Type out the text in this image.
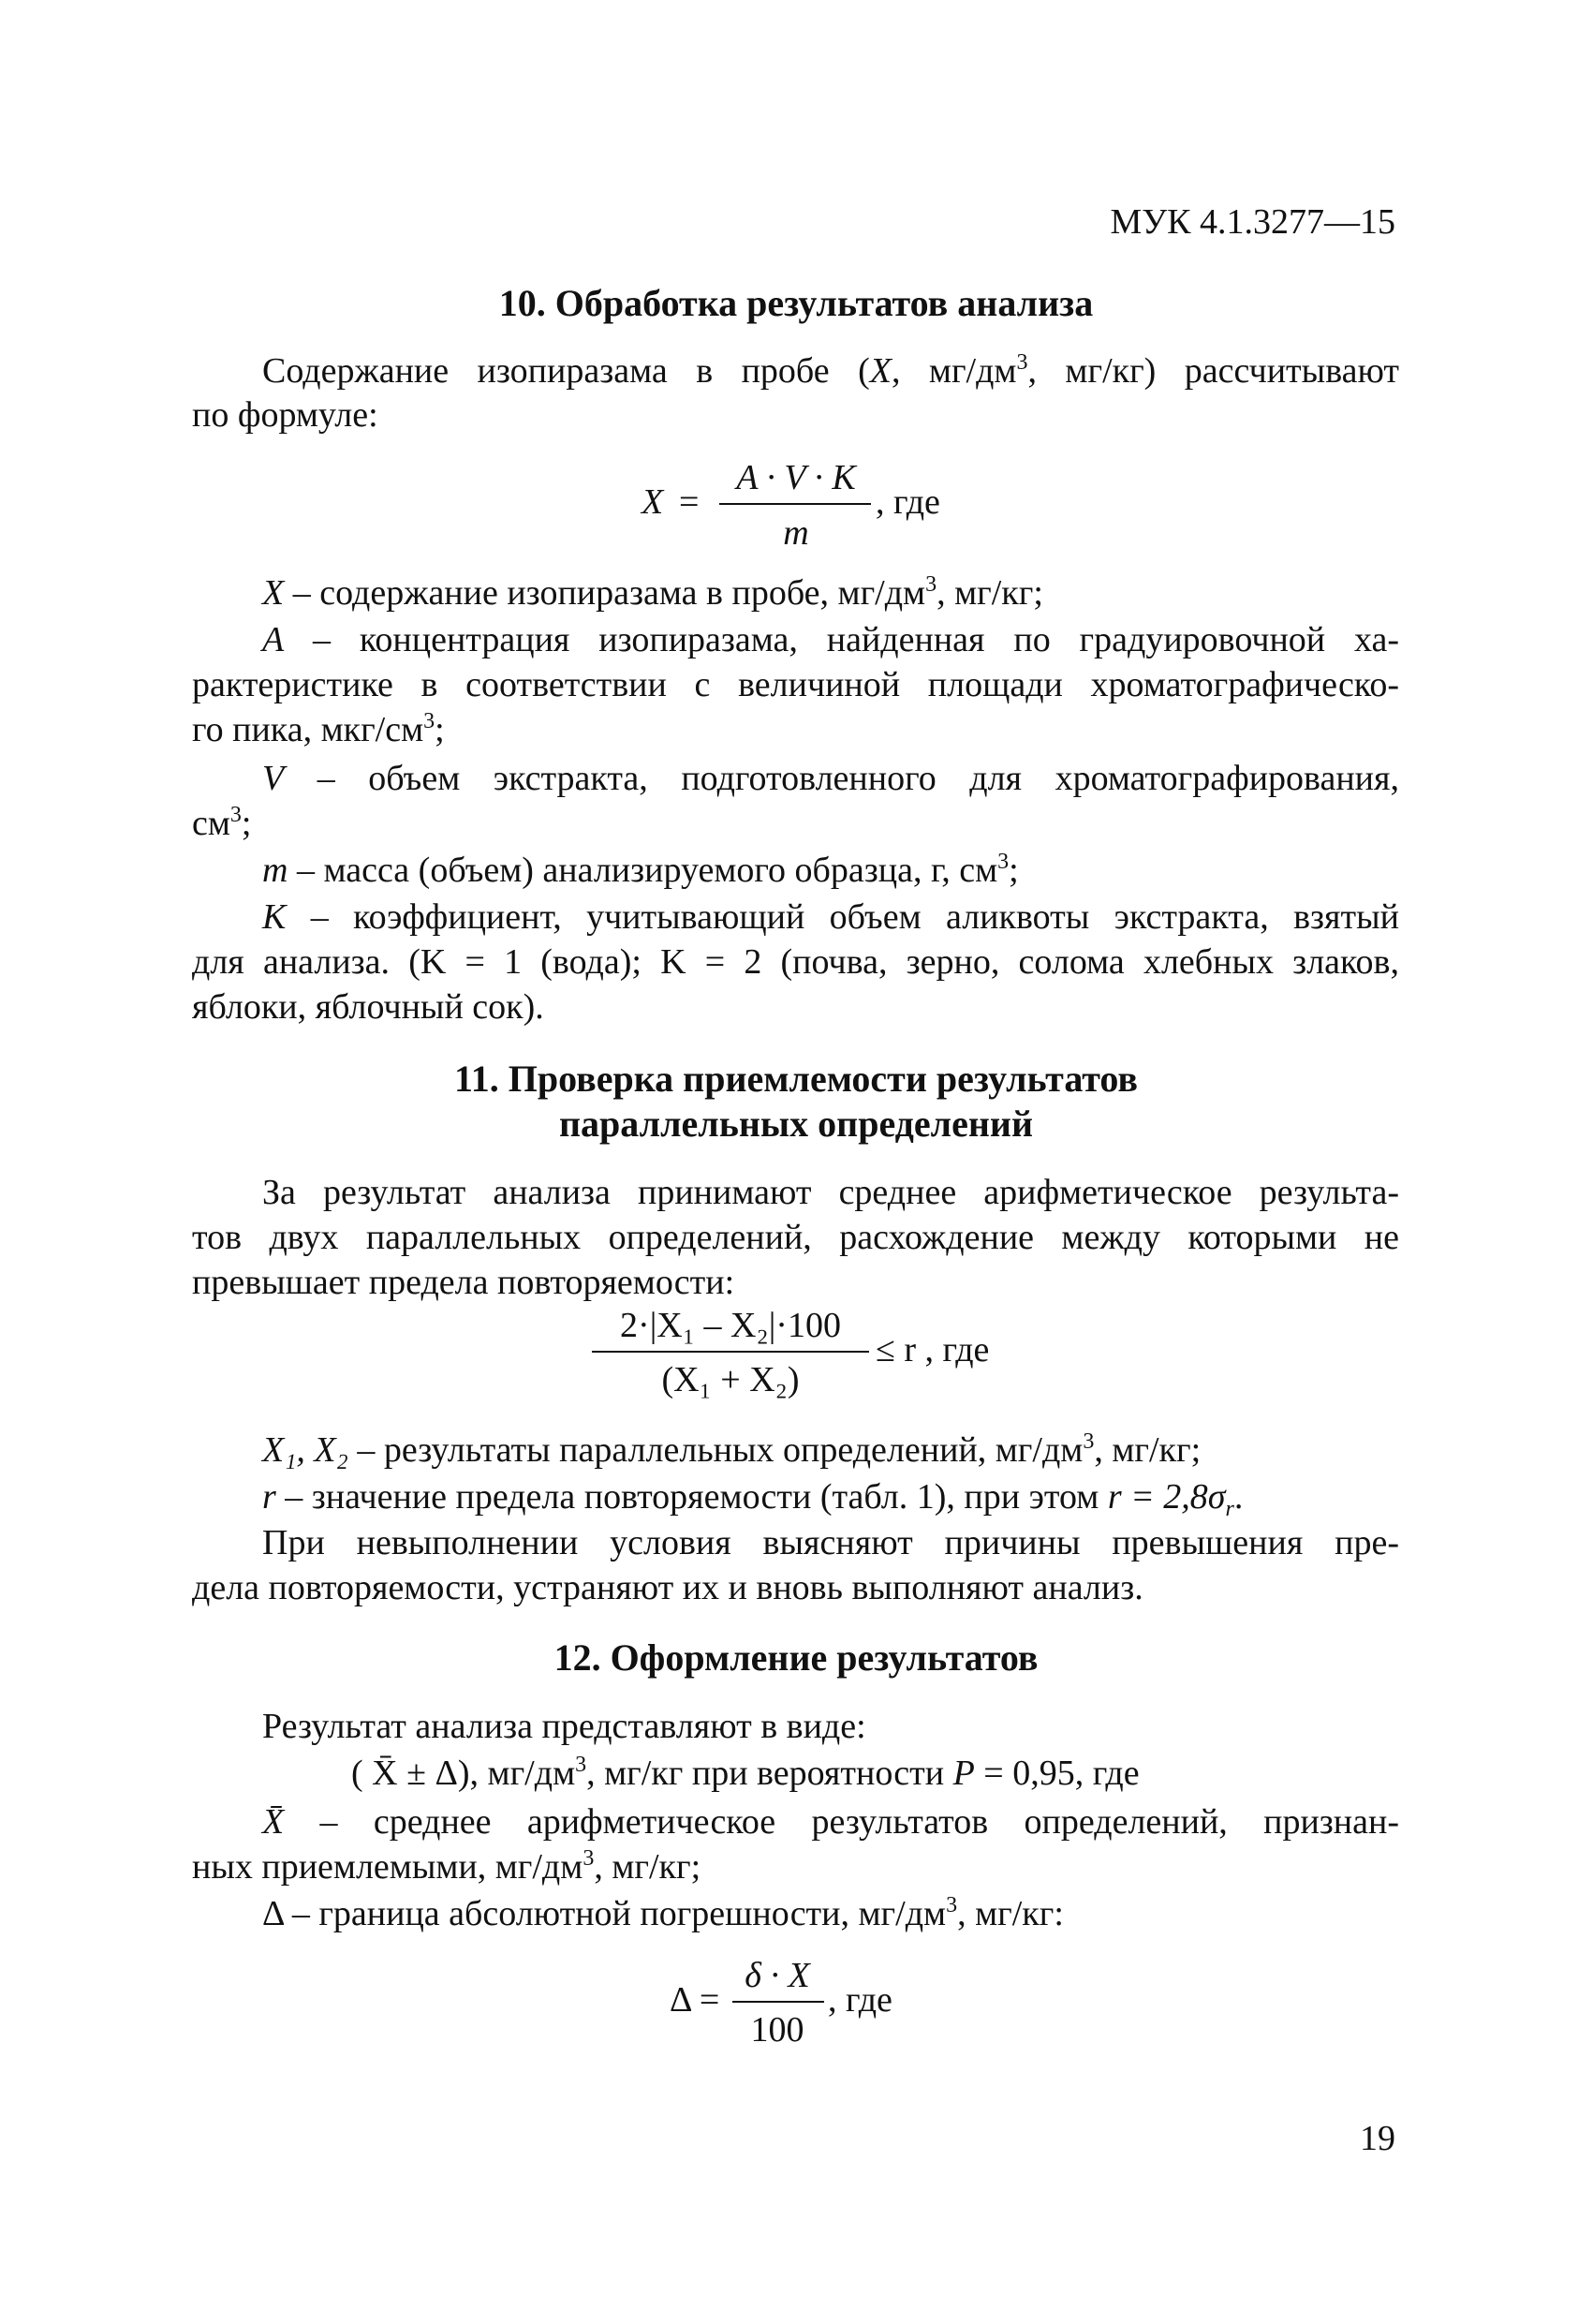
МУК 4.1.3277—15
10. Обработка результатов анализа
Содержание изопиразама в пробе (X, $мг/дм^3$, мг/кг) рассчитывают
по формуле:
X =
A · V · K
m
, где
X – содержание изопиразама в пробе, $мг/дм^3$, мг/кг;
A – концентрация изопиразама, найденная по градуировочной ха-
рактеристике в соответствии с величиной площади хроматографическо-
го пика, мкг/$см^3$;
V – объем экстракта, подготовленного для хроматографирования,
$см^3$;
m – масса (объем) анализируемого образца, г, $см^3$;
K – коэффициент, учитывающий объем аликвоты экстракта, взятый
для анализа. (K = 1 (вода); K = 2 (почва, зерно, солома хлебных злаков,
яблоки, яблочный сок).
11. Проверка приемлемости результатов
параллельных определений
За результат анализа принимают среднее арифметическое результа-
тов двух параллельных определений, расхождение между которыми не
превышает предела повторяемости:
2·|X₁ – X₂|·100
(X₁ + X₂)
≤ r , где
X₁, X₂ – результаты параллельных определений, $мг/дм^3$, мг/кг;
r – значение предела повторяемости (табл. 1), при этом $r = 2,8\sigma_r$.
При невыполнении условия выясняют причины превышения пре-
дела повторяемости, устраняют их и вновь выполняют анализ.
12. Оформление результатов
Результат анализа представляют в виде:
( X̄ ± Δ), $мг/дм^3$, мг/кг при вероятности P = 0,95, где
X̄ – среднее арифметическое результатов определений, признан-
ных приемлемыми, $мг/дм^3$, мг/кг;
Δ – граница абсолютной погрешности, $мг/дм^3$, мг/кг:
Δ =
δ · X
100
, где
19
